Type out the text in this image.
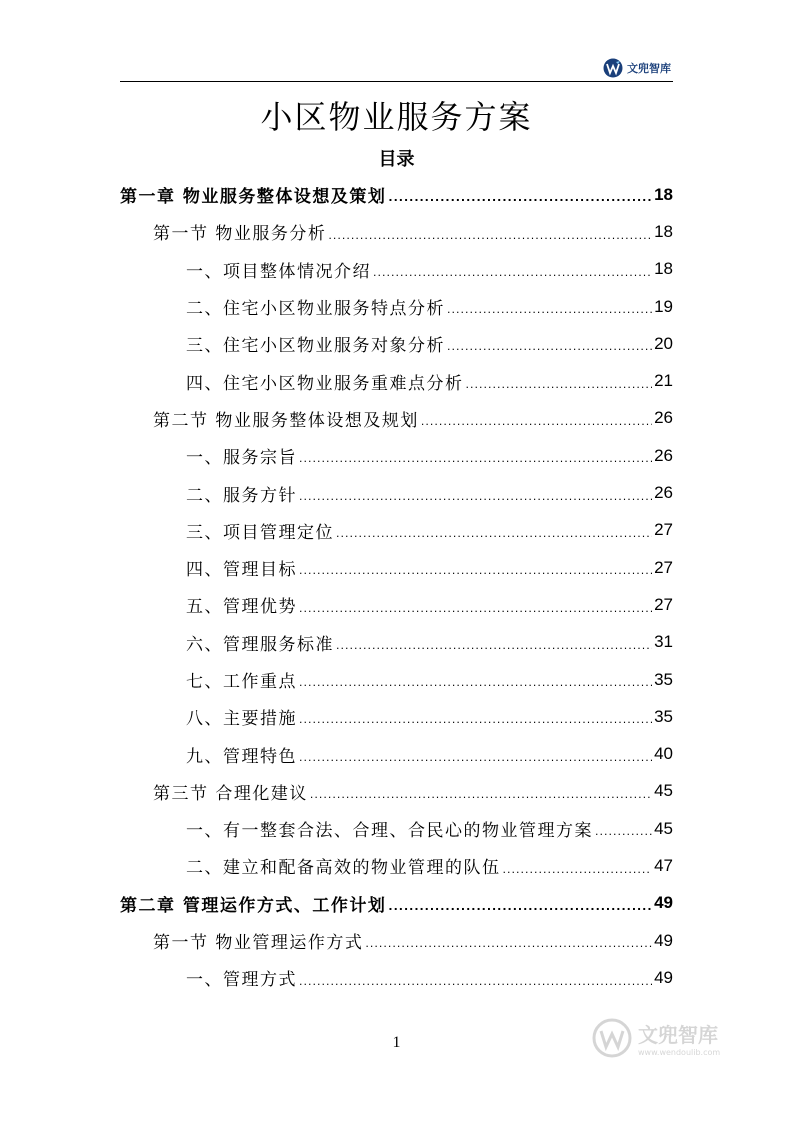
文兜智库
小区物业服务方案
目录
第一章 物业服务整体设想及策划 .....	18
第一节 物业服务分析 .....	18
一、项目整体情况介绍 .....	18
二、住宅小区物业服务特点分析 .....	19
三、住宅小区物业服务对象分析 .....	20
四、住宅小区物业服务重难点分析 .....	21
第二节 物业服务整体设想及规划 .....	26
一、服务宗旨 .....	26
二、服务方针 .....	26
三、项目管理定位 .....	27
四、管理目标 .....	27
五、管理优势 .....	27
六、管理服务标准 .....	31
七、工作重点 .....	35
八、主要措施 .....	35
九、管理特色 .....	40
第三节 合理化建议 .....	45
一、有一整套合法、合理、合民心的物业管理方案 .....	45
二、建立和配备高效的物业管理的队伍 .....	47
第二章 管理运作方式、工作计划 .....	49
第一节 物业管理运作方式 .....	49
一、管理方式 .....	49
1	文兜智库
www.wendoulib.com
